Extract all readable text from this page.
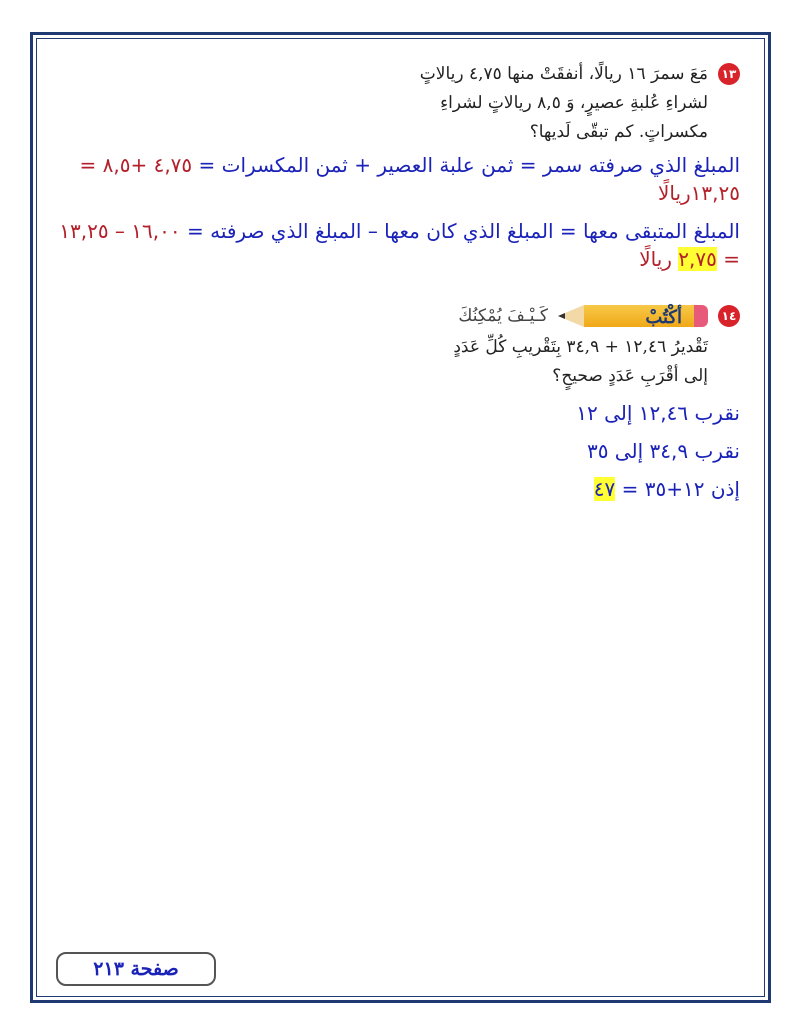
١٣
مَعَ سمرَ ١٦ ريالًا، أنفقَتْ منها ٤,٧٥ ريالاتٍ
لشراءِ عُلبةِ عصيرٍ، وَ ٨,٥ ريالاتٍ لشراءِ
مكسراتٍ. كم تبقّى لَديها؟
المبلغ الذي صرفته سمر = ثمن علبة العصير + ثمن المكسرات = ٤,٧٥ +٨,٥ = ١٣,٢٥ريالًا
المبلغ المتبقى معها = المبلغ الذي كان معها – المبلغ الذي صرفته = ١٦,٠٠ – ١٣,٢٥ = ٢,٧٥ ريالًا
١٤
أكْتُبْ
كَـيْـفَ يُمْكِنُكَ
تَقْديرُ ١٢,٤٦ + ٣٤,٩ بِتَقْريبِ كُلِّ عَدَدٍ
إلى أقْرَبِ عَدَدٍ صحيحٍ؟
نقرب ١٢,٤٦ إلى ١٢
نقرب ٣٤,٩ إلى ٣٥
إذن ١٢+٣٥ = ٤٧
صفحة ٢١٣
